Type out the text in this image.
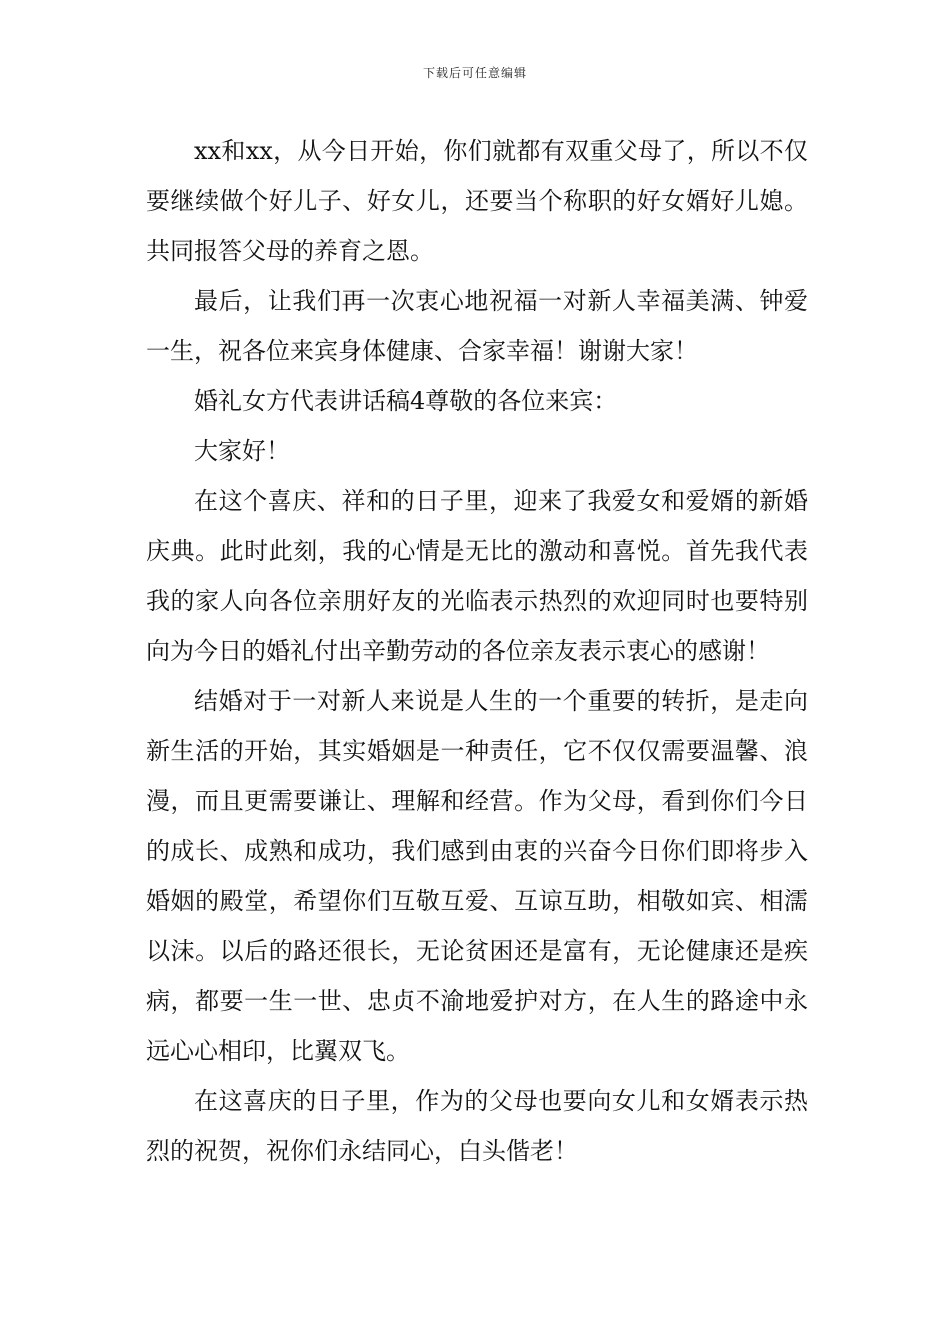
下载后可任意编辑

xx和xx，从今日开始，你们就都有双重父母了，所以不仅要继续做个好儿子、好女儿，还要当个称职的好女婿好儿媳。共同报答父母的养育之恩。

最后，让我们再一次衷心地祝福一对新人幸福美满、钟爱一生，祝各位来宾身体健康、合家幸福！谢谢大家！

婚礼女方代表讲话稿4尊敬的各位来宾：

大家好！

在这个喜庆、祥和的日子里，迎来了我爱女和爱婿的新婚庆典。此时此刻，我的心情是无比的激动和喜悦。首先我代表我的家人向各位亲朋好友的光临表示热烈的欢迎同时也要特别向为今日的婚礼付出辛勤劳动的各位亲友表示衷心的感谢！

结婚对于一对新人来说是人生的一个重要的转折，是走向新生活的开始，其实婚姻是一种责任，它不仅仅需要温馨、浪漫，而且更需要谦让、理解和经营。作为父母，看到你们今日的成长、成熟和成功，我们感到由衷的兴奋今日你们即将步入婚姻的殿堂，希望你们互敬互爱、互谅互助，相敬如宾、相濡以沫。以后的路还很长，无论贫困还是富有，无论健康还是疾病，都要一生一世、忠贞不渝地爱护对方，在人生的路途中永远心心相印，比翼双飞。

在这喜庆的日子里，作为的父母也要向女儿和女婿表示热烈的祝贺，祝你们永结同心，白头偕老！
